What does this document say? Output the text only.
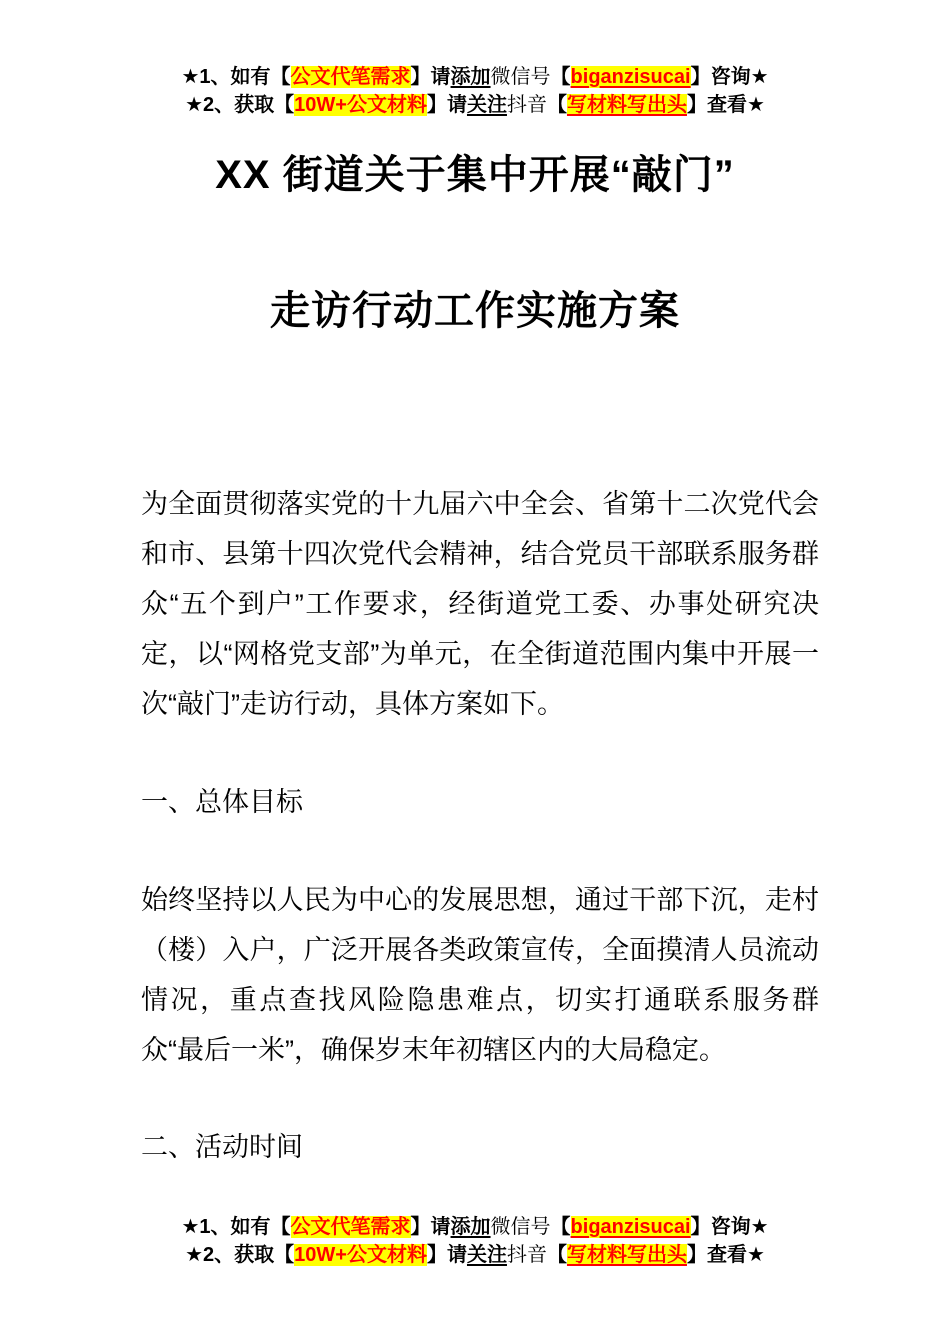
★1、如有【公文代笔需求】请添加微信号【biganzisucai】咨询★
★2、获取【10W+公文材料】请关注抖音【写材料写出头】查看★
XX 街道关于集中开展“敲门”
走访行动工作实施方案
为全面贯彻落实党的十九届六中全会、省第十二次党代会和市、县第十四次党代会精神，结合党员干部联系服务群众“五个到户”工作要求，经街道党工委、办事处研究决定，以“网格党支部”为单元，在全街道范围内集中开展一次“敲门”走访行动，具体方案如下。
一、总体目标
始终坚持以人民为中心的发展思想，通过干部下沉，走村（楼）入户，广泛开展各类政策宣传，全面摸清人员流动情况，重点查找风险隐患难点，切实打通联系服务群众“最后一米”，确保岁末年初辖区内的大局稳定。
二、活动时间
★1、如有【公文代笔需求】请添加微信号【biganzisucai】咨询★
★2、获取【10W+公文材料】请关注抖音【写材料写出头】查看★
